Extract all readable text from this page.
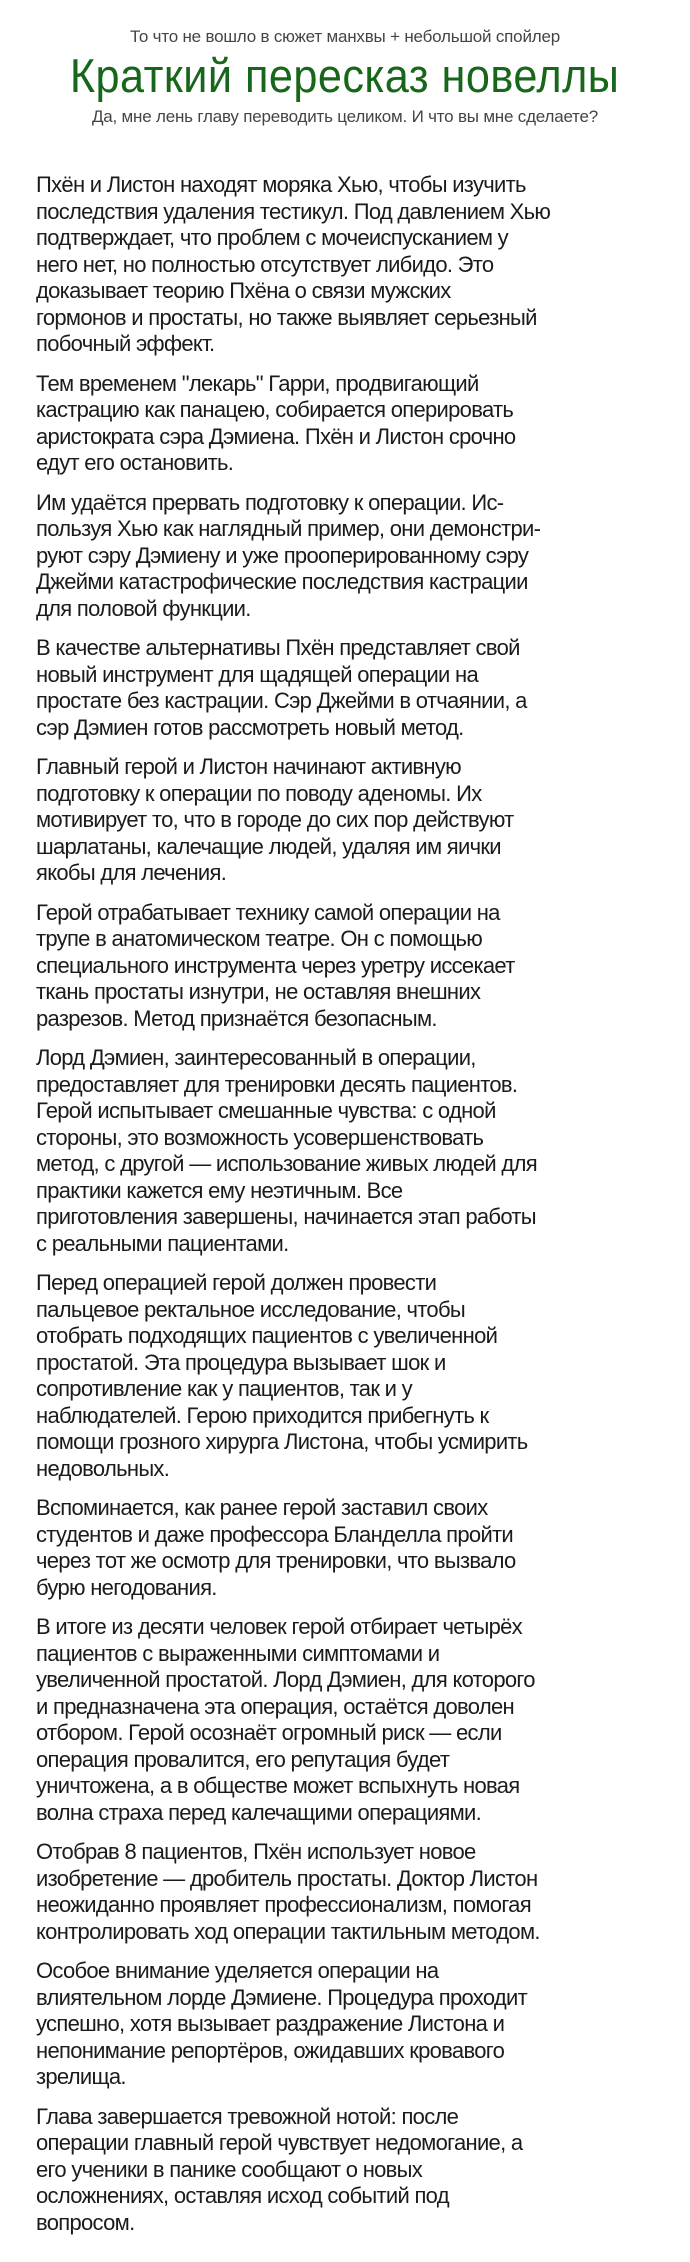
То что не вошло в сюжет манхвы + небольшой спойлер
Краткий пересказ новеллы
Да, мне лень главу переводить целиком. И что вы мне сделаете?

Пхён и Листон находят моряка Хью, чтобы изучить
последствия удаления тестикул. Под давлением Хью
подтверждает, что проблем с мочеиспусканием у
него нет, но полностью отсутствует либидо. Это
доказывает теорию Пхёна о связи мужских
гормонов и простаты, но также выявляет серьезный
побочный эффект.

Тем временем "лекарь" Гарри, продвигающий
кастрацию как панацею, собирается оперировать
аристократа сэра Дэмиена. Пхён и Листон срочно
едут его остановить.

Им удаётся прервать подготовку к операции. Ис-
пользуя Хью как наглядный пример, они демонстри-
руют сэру Дэмиену и уже прооперированному сэру
Джейми катастрофические последствия кастрации
для половой функции.

В качестве альтернативы Пхён представляет свой
новый инструмент для щадящей операции на
простате без кастрации. Сэр Джейми в отчаянии, а
сэр Дэмиен готов рассмотреть новый метод.

Главный герой и Листон начинают активную
подготовку к операции по поводу аденомы. Их
мотивирует то, что в городе до сих пор действуют
шарлатаны, калечащие людей, удаляя им яички
якобы для лечения.

Герой отрабатывает технику самой операции на
трупе в анатомическом театре. Он с помощью
специального инструмента через уретру иссекает
ткань простаты изнутри, не оставляя внешних
разрезов. Метод признаётся безопасным.

Лорд Дэмиен, заинтересованный в операции,
предоставляет для тренировки десять пациентов.
Герой испытывает смешанные чувства: с одной
стороны, это возможность усовершенствовать
метод, с другой — использование живых людей для
практики кажется ему неэтичным. Все
приготовления завершены, начинается этап работы
с реальными пациентами.

Перед операцией герой должен провести
пальцевое ректальное исследование, чтобы
отобрать подходящих пациентов с увеличенной
простатой. Эта процедура вызывает шок и
сопротивление как у пациентов, так и у
наблюдателей. Герою приходится прибегнуть к
помощи грозного хирурга Листона, чтобы усмирить
недовольных.

Вспоминается, как ранее герой заставил своих
студентов и даже профессора Бланделла пройти
через тот же осмотр для тренировки, что вызвало
бурю негодования.

В итоге из десяти человек герой отбирает четырёх
пациентов с выраженными симптомами и
увеличенной простатой. Лорд Дэмиен, для которого
и предназначена эта операция, остаётся доволен
отбором. Герой осознаёт огромный риск — если
операция провалится, его репутация будет
уничтожена, а в обществе может вспыхнуть новая
волна страха перед калечащими операциями.

Отобрав 8 пациентов, Пхён использует новое
изобретение — дробитель простаты. Доктор Листон
неожиданно проявляет профессионализм, помогая
контролировать ход операции тактильным методом.

Особое внимание уделяется операции на
влиятельном лорде Дэмиене. Процедура проходит
успешно, хотя вызывает раздражение Листона и
непонимание репортёров, ожидавших кровавого
зрелища.

Глава завершается тревожной нотой: после
операции главный герой чувствует недомогание, а
его ученики в панике сообщают о новых
осложнениях, оставляя исход событий под
вопросом.
